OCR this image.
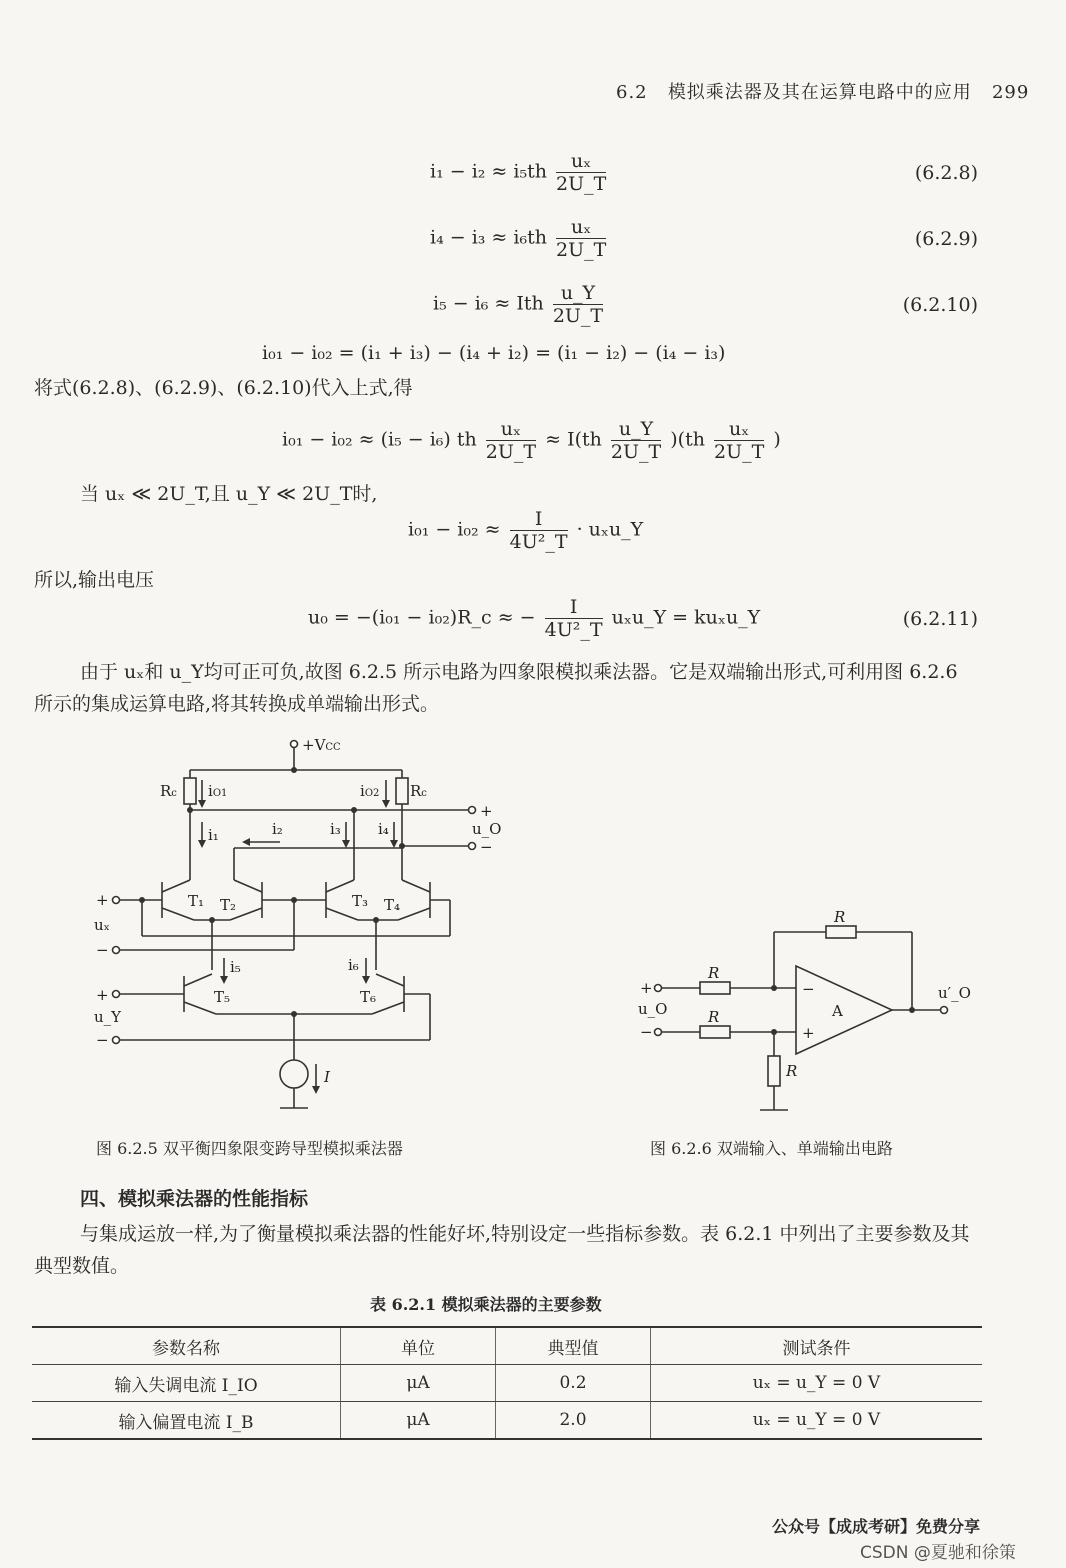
6.2 模拟乘法器及其在运算电路中的应用 299
$i_1 - i_2 \approx i_5th \frac{\text{uₓ}}{2U\_T}$	(6.2.8)
$i_4 - i_3 \approx i_6th \frac{\text{uₓ}}{2U\_T}$	(6.2.9)
i₅ − i₆ ≈ Ith $\frac{u\_Y}{2U\_T}$	(6.2.10)
i₀₁ − i₀₂ = (i₁ + i₃) − (i₄ + i₂) = (i₁ − i₂) − (i₄ − i₃)
将式(6.2.8)、(6.2.9)、(6.2.10)代入上式,得
i₀₁ − i₀₂ ≈ (i₅ − i₆) th $\frac{\text{uₓ}}{2U\_T} \approx I(th \frac{u\_Y}{2U\_T} )(th \frac{\text{uₓ}}{2U\_T}$ )
当 uₓ ≪ 2U_T,且 u_Y ≪ 2U_T时,
$i_{01} - i_{02} \approx \frac{I}{\text{4U²\_T}}$ · uₓu_Y
所以,输出电压
u₀ = −(i₀₁ − i₀₂)R_c ≈ − $\frac{I}{\text{4U²\_T}}$ uₓu_Y = kuₓu_Y	(6.2.11)
由于 uₓ和 u_Y均可正可负,故图 6.2.5 所示电路为四象限模拟乘法器。它是双端输出形式,可利用图 6.2.6 所示的集成运算电路,将其转换成单端输出形式。
+VCC
Rc	Rc
iO1	iO2
i₁	i₂	i₃ i₄
i₅	i₆
T₁ T₂	T₃ T₄
T₅	T₆
+
uₓ
−
+
u_Y
−
+
u_O
−
I
R
R
R
R
−
+
A
+
u_O
−
u′_O
图 6.2.5 双平衡四象限变跨导型模拟乘法器	图 6.2.6 双端输入、单端输出电路
四、模拟乘法器的性能指标
与集成运放一样,为了衡量模拟乘法器的性能好坏,特别设定一些指标参数。表 6.2.1 中列出了主要参数及其典型数值。
表 6.2.1 模拟乘法器的主要参数
参数名称	单位	典型值	测试条件
输入失调电流 I_IO	μA	0.2	uₓ = u_Y = 0 V
输入偏置电流 I_B	μA	2.0	uₓ = u_Y = 0 V
公众号【成成考研】免费分享
CSDN @夏驰和徐策
